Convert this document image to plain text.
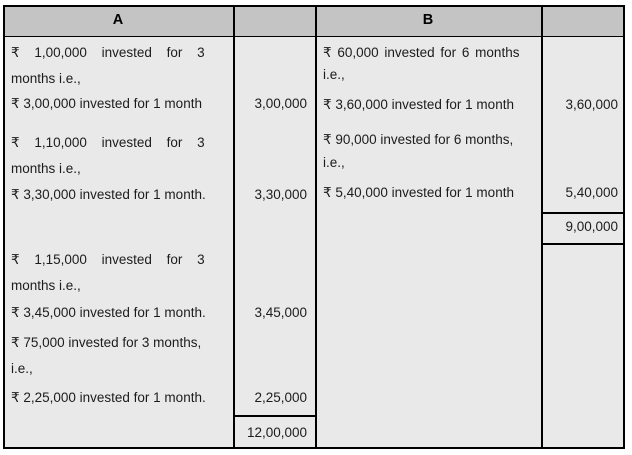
A	B
₹ 1,00,000 invested for 3
months i.e.,
₹ 3,00,000 invested for 1 month
₹ 1,10,000 invested for 3
months i.e.,
₹ 3,30,000 invested for 1 month.
₹ 1,15,000 invested for 3
months i.e.,
₹ 3,45,000 invested for 1 month.
₹ 75,000 invested for 3 months,
i.e.,
₹ 2,25,000 invested for 1 month.
3,00,000
3,30,000
3,45,000
2,25,000
12,00,000
₹ 60,000 invested for 6 months
i.e.,
₹ 3,60,000 invested for 1 month
₹ 90,000 invested for 6 months,
i.e.,
₹ 5,40,000 invested for 1 month
3,60,000
5,40,000
9,00,000
